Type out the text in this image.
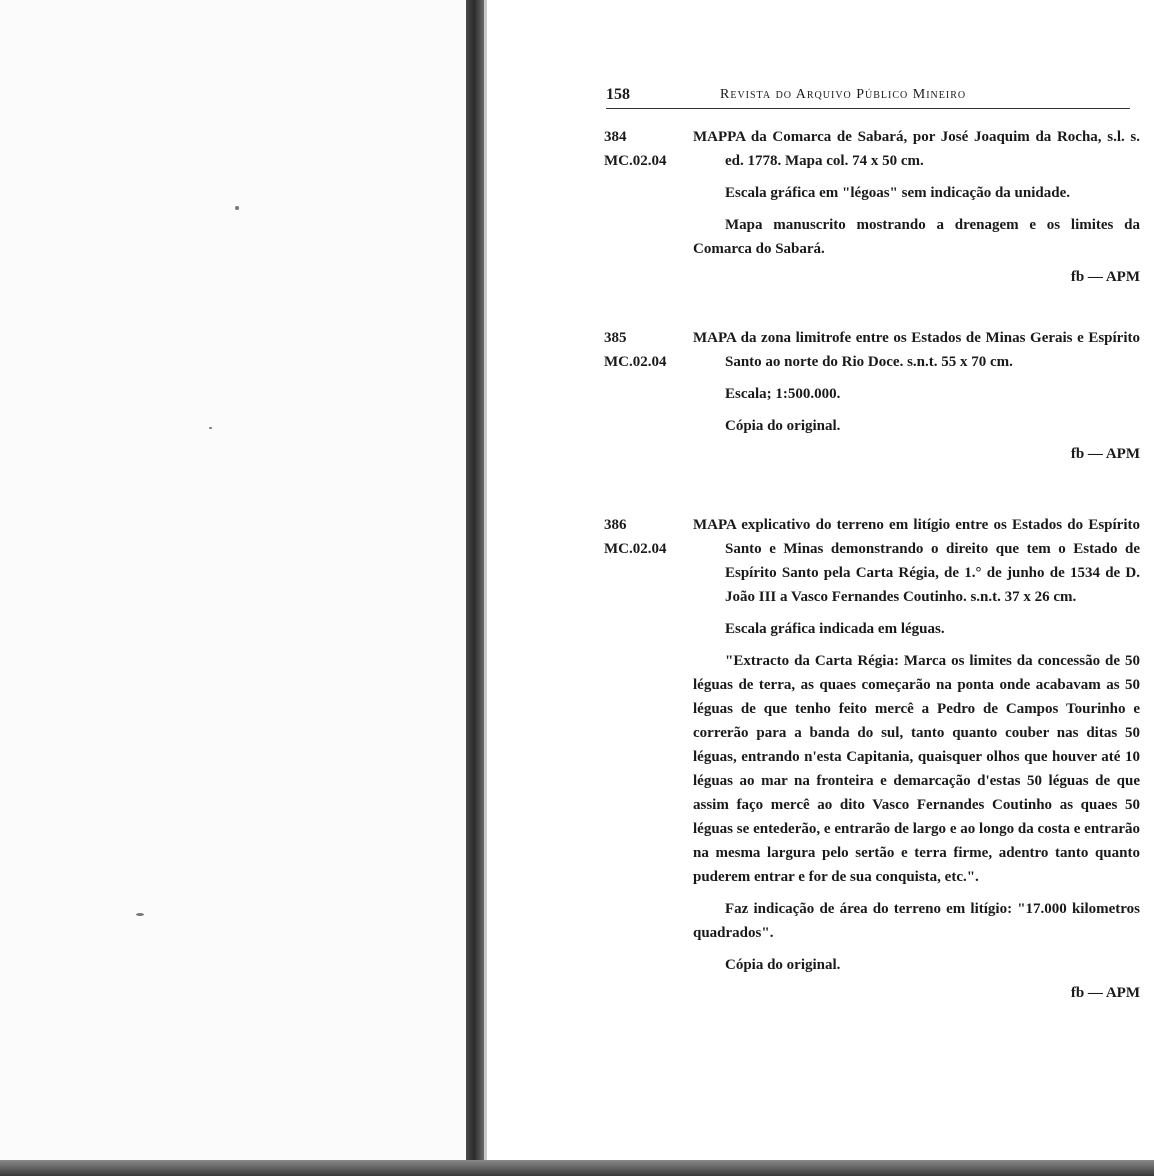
158	Revista do Arquivo Público Mineiro
384
MC.02.04

MAPPA da Comarca de Sabará, por José Joaquim da Rocha, s.l. s. ed. 1778. Mapa col. 74 x 50 cm.

Escala gráfica em "légoas" sem indicação da unidade.

Mapa manuscrito mostrando a drenagem e os limites da Comarca do Sabará.

fb — APM

385
MC.02.04

MAPA da zona limitrofe entre os Estados de Minas Gerais e Espírito Santo ao norte do Rio Doce. s.n.t. 55 x 70 cm.

Escala; 1:500.000.

Cópia do original.

fb — APM

386
MC.02.04

MAPA explicativo do terreno em litígio entre os Estados do Espírito Santo e Minas demonstrando o direito que tem o Estado de Espírito Santo pela Carta Régia, de 1.° de junho de 1534 de D. João III a Vasco Fernandes Coutinho. s.n.t. 37 x 26 cm.

Escala gráfica indicada em léguas.

"Extracto da Carta Régia: Marca os limites da concessão de 50 léguas de terra, as quaes começarão na ponta onde acabavam as 50 léguas de que tenho feito mercê a Pedro de Campos Tourinho e correrão para a banda do sul, tanto quanto couber nas ditas 50 léguas, entrando n'esta Capitania, quaisquer olhos que houver até 10 léguas ao mar na fronteira e demarcação d'estas 50 léguas de que assim faço mercê ao dito Vasco Fernandes Coutinho as quaes 50 léguas se entederão, e entrarão de largo e ao longo da costa e entrarão na mesma largura pelo sertão e terra firme, adentro tanto quanto puderem entrar e for de sua conquista, etc.".

Faz indicação de área do terreno em litígio: "17.000 kilometros quadrados".

Cópia do original.

fb — APM
